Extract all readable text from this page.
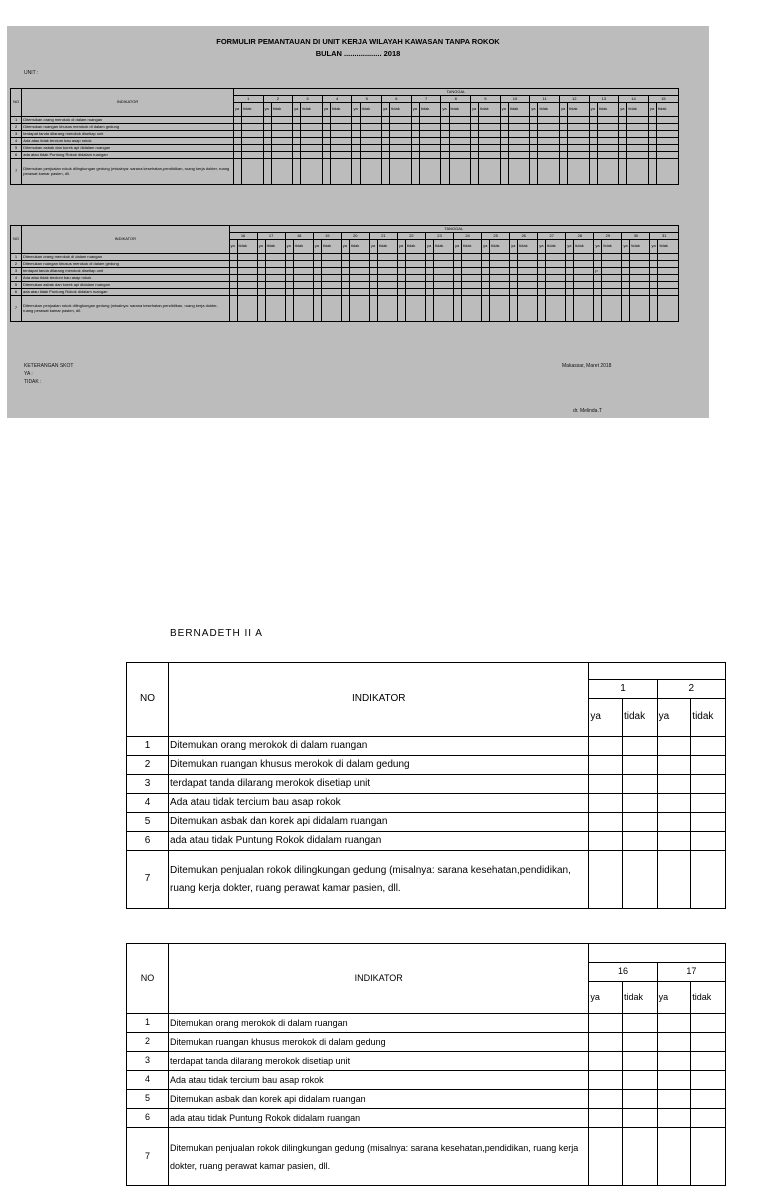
FORMULIR PEMANTAUAN DI UNIT KERJA WILAYAH KAWASAN TANPA ROKOK
BULAN .................. 2018
UNIT :
NO	INDIKATOR	TANGGAL																													
		1		2		3		4		5		6		7		8		9		10		11		12		13		14		15	
		ya	tidak	ya	tidak	ya	tidak	ya	tidak	ya	tidak	ya	tidak	ya	tidak	ya	tidak	ya	tidak	ya	tidak	ya	tidak	ya	tidak	ya	tidak	ya	tidak	ya	tidak
1	Ditemukan orang merokok di dalam ruangan																														
2	Ditemukan ruangan khusus merokok di dalam gedung																														
3	terdapat tanda dilarang merokok disetiap unit																														
4	Ada atau tidak tercium bau asap rokok																														
5	Ditemukan asbak dan korek api didalam ruangan																														
6	ada atau tidak Puntung Rokok didalam ruangan																														
7	Ditemukan penjualan rokok dilingkungan gedung (misalnya: sarana kesehatan,pendidikan, ruang kerja dokter, ruang perawat kamar pasien, dll.																														
NO	INDIKATOR	TANGGAL																															
		16		17		18		19		20		21		22		23		24		25		26		27		28		29		30		31	
		ya	tidak	ya	tidak	ya	tidak	ya	tidak	ya	tidak	ya	tidak	ya	tidak	ya	tidak	ya	tidak	ya	tidak	ya	tidak	ya	tidak	ya	tidak	ya	tidak	ya	tidak	ya	tidak
1	Ditemukan orang merokok di dalam ruangan																																
2	Ditemukan ruangan khusus merokok di dalam gedung																																
3	terdapat tanda dilarang merokok disetiap unit																											p					
4	Ada atau tidak tercium bau asap rokok																																
5	Ditemukan asbak dan korek api didalam ruangan																																
6	ada atau tidak Puntung Rokok didalam ruangan																																
7	Ditemukan penjualan rokok dilingkungan gedung (misalnya: sarana kesehatan,pendidikan, ruang kerja dokter, ruang perawat kamar pasien, dll.																																
KETERANGAN SKOT
YA :
TIDAK :
Makassar, Maret 2018
dr. Melinda.T
BERNADETH II A
NO	INDIKATOR				
		1		2	
		ya	tidak	ya	tidak
1	Ditemukan orang merokok di dalam ruangan				
2	Ditemukan ruangan khusus merokok di dalam gedung				
3	terdapat tanda dilarang merokok disetiap unit				
4	Ada atau tidak tercium bau asap rokok				
5	Ditemukan asbak dan korek api didalam ruangan				
6	ada atau tidak Puntung Rokok didalam ruangan				
7	Ditemukan penjualan rokok dilingkungan gedung (misalnya: sarana kesehatan,pendidikan, ruang kerja dokter, ruang perawat kamar pasien, dll.				
NO	INDIKATOR				
		16		17	
		ya	tidak	ya	tidak
1	Ditemukan orang merokok di dalam ruangan				
2	Ditemukan ruangan khusus merokok di dalam gedung				
3	terdapat tanda dilarang merokok disetiap unit				
4	Ada atau tidak tercium bau asap rokok				
5	Ditemukan asbak dan korek api didalam ruangan				
6	ada atau tidak Puntung Rokok didalam ruangan				
7	Ditemukan penjualan rokok dilingkungan gedung (misalnya: sarana kesehatan,pendidikan, ruang kerja dokter, ruang perawat kamar pasien, dll.				
